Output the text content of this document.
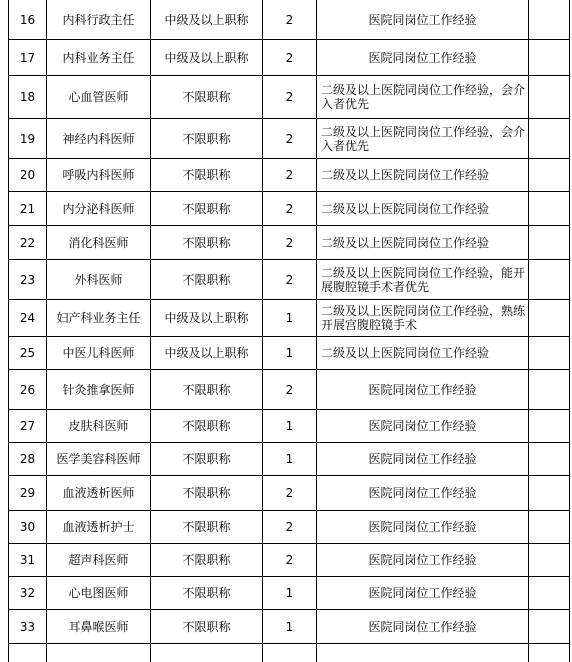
16	内科行政主任	中级及以上职称	2	医院同岗位工作经验	
17	内科业务主任	中级及以上职称	2	医院同岗位工作经验	
18	心血管医师	不限职称	2	二级及以上医院同岗位工作经验，会介入者优先	
19	神经内科医师	不限职称	2	二级及以上医院同岗位工作经验，会介入者优先	
20	呼吸内科医师	不限职称	2	二级及以上医院同岗位工作经验	
21	内分泌科医师	不限职称	2	二级及以上医院同岗位工作经验	
22	消化科医师	不限职称	2	二级及以上医院同岗位工作经验	
23	外科医师	不限职称	2	二级及以上医院同岗位工作经验，能开展腹腔镜手术者优先	
24	妇产科业务主任	中级及以上职称	1	二级及以上医院同岗位工作经验，熟练开展宫腹腔镜手术	
25	中医儿科医师	中级及以上职称	1	二级及以上医院同岗位工作经验	
26	针灸推拿医师	不限职称	2	医院同岗位工作经验	
27	皮肤科医师	不限职称	1	医院同岗位工作经验	
28	医学美容科医师	不限职称	1	医院同岗位工作经验	
29	血液透析医师	不限职称	2	医院同岗位工作经验	
30	血液透析护士	不限职称	2	医院同岗位工作经验	
31	超声科医师	不限职称	2	医院同岗位工作经验	
32	心电图医师	不限职称	1	医院同岗位工作经验	
33	耳鼻喉医师	不限职称	1	医院同岗位工作经验	
